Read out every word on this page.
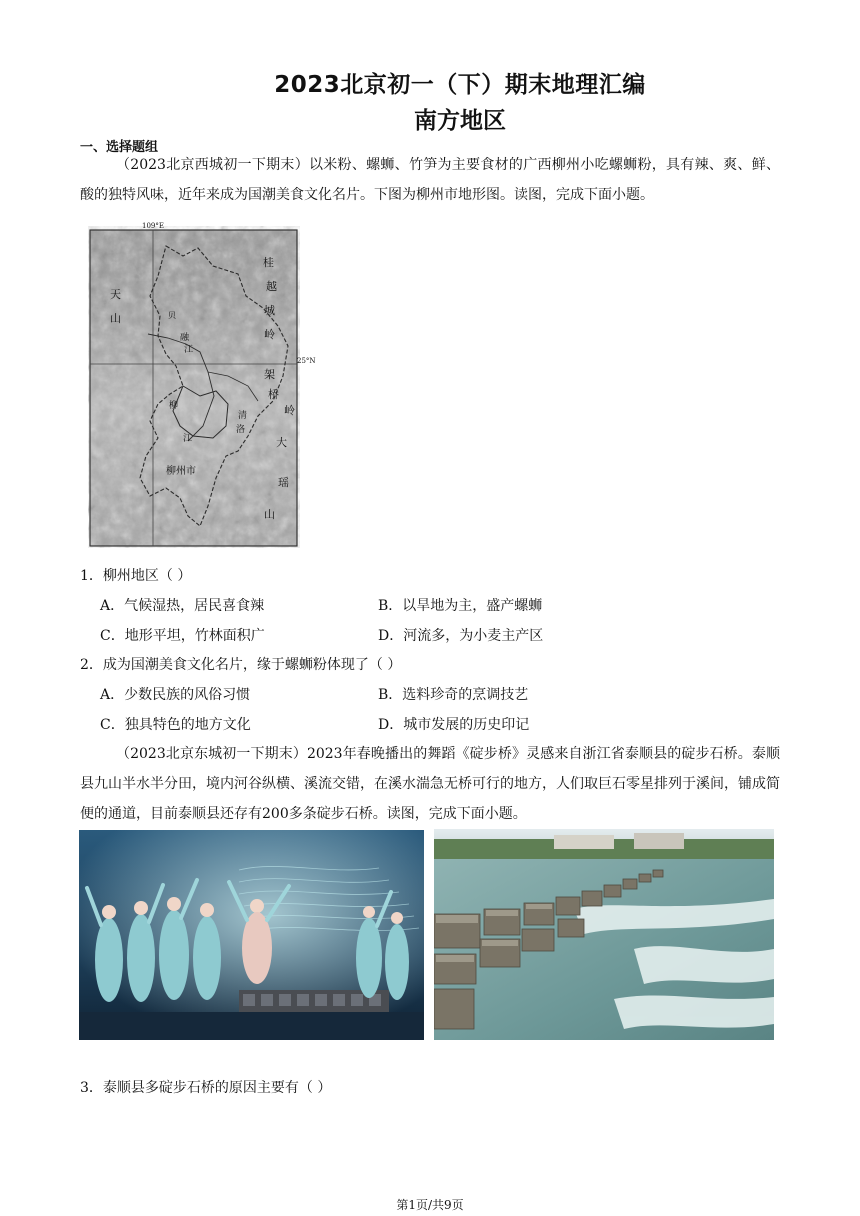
2023北京初一（下）期末地理汇编
南方地区
一、选择题组
（2023北京西城初一下期末）以米粉、螺蛳、竹笋为主要食材的广西柳州小吃螺蛳粉，具有辣、爽、鲜、酸的独特风味，近年来成为国潮美食文化名片。下图为柳州市地形图。读图，完成下面小题。
109°E
25°N
天
山
融
江
桂
越
城
岭
贝
柳
洛
清
江
柳州市
大
瑶
山
架
桥
岭
1．柳州地区（ ）
A．气候湿热，居民喜食辣	B．以旱地为主，盛产螺蛳
C．地形平坦，竹林面积广	D．河流多，为小麦主产区
2．成为国潮美食文化名片，缘于螺蛳粉体现了（ ）
A．少数民族的风俗习惯	B．选料珍奇的烹调技艺
C．独具特色的地方文化	D．城市发展的历史印记
（2023北京东城初一下期末）2023年春晚播出的舞蹈《碇步桥》灵感来自浙江省泰顺县的碇步石桥。泰顺县九山半水半分田，境内河谷纵横、溪流交错，在溪水湍急无桥可行的地方，人们取巨石零星排列于溪间，铺成简便的通道，目前泰顺县还存有200多条碇步石桥。读图，完成下面小题。
3．泰顺县多碇步石桥的原因主要有（ ）
第1页/共9页
